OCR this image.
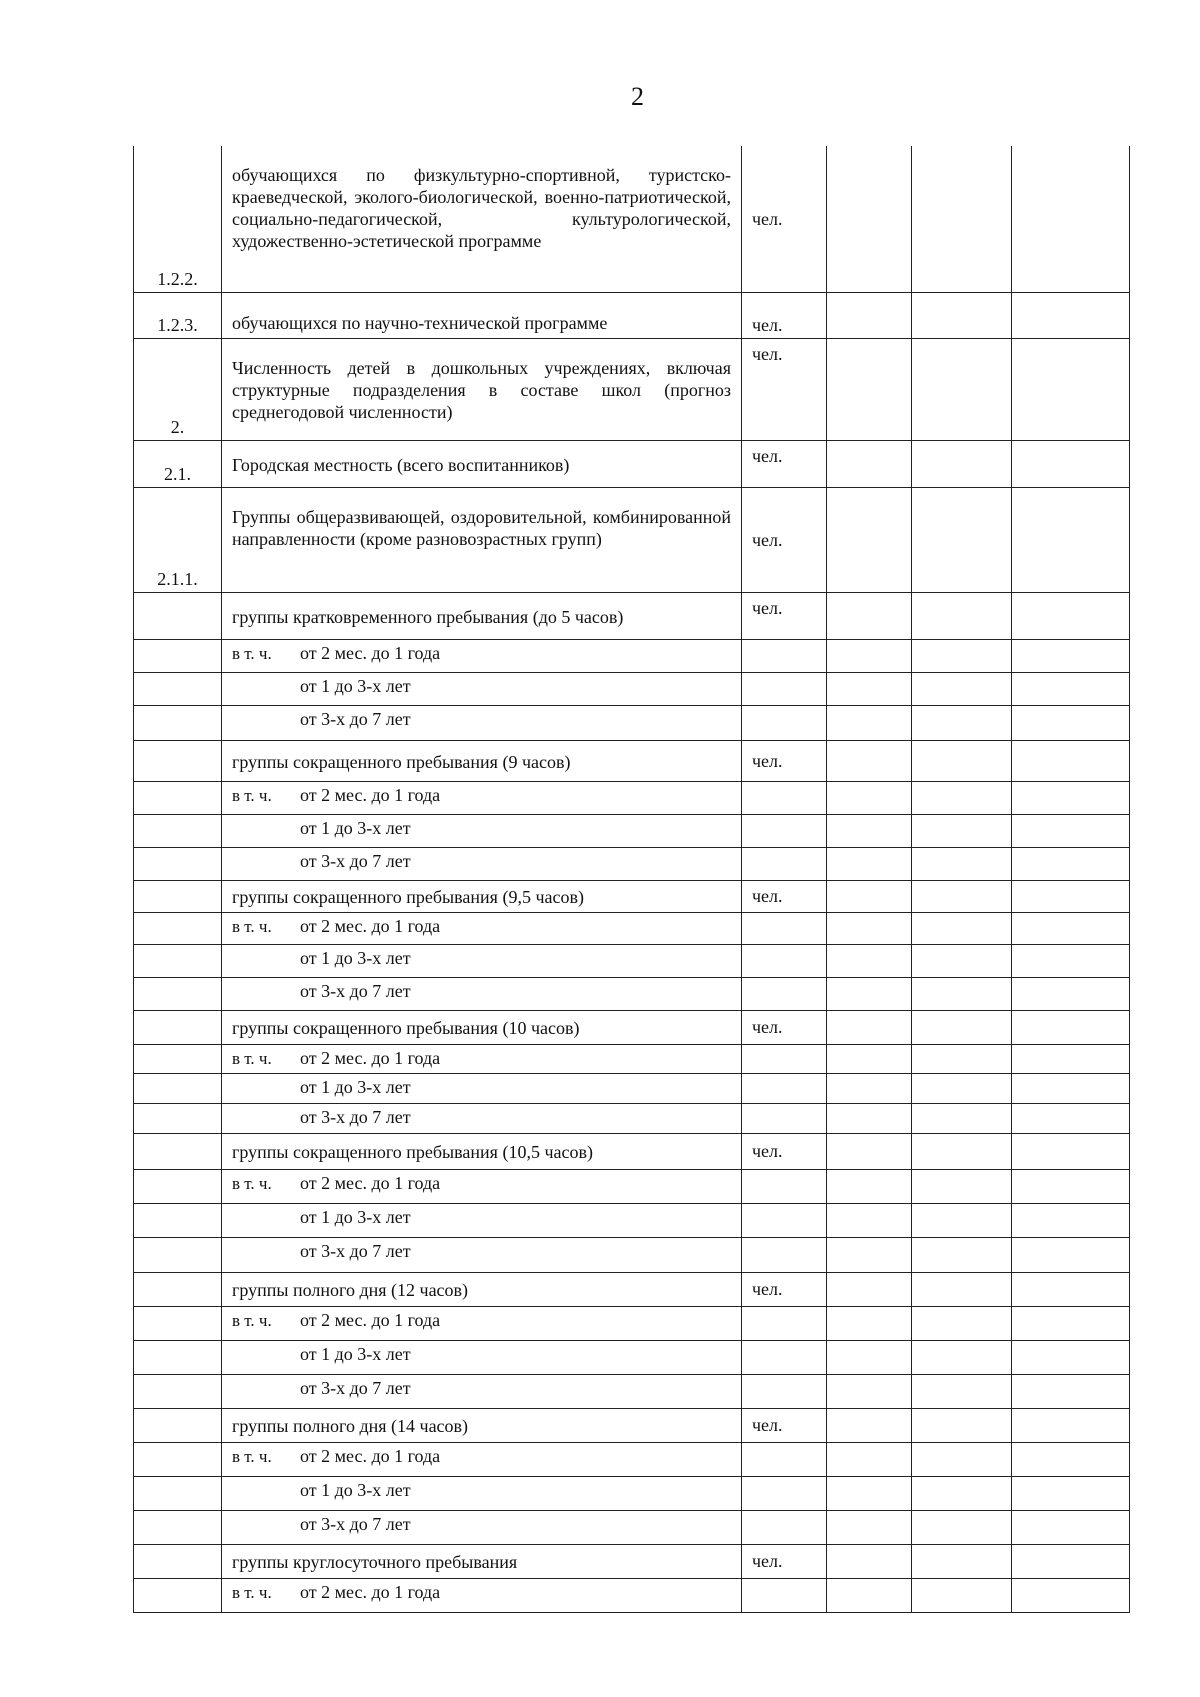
2
1.2.2.	обучающихся по физкультурно-спортивной, туристско-краеведческой, эколого-биологической, военно-патриотической, социально-педагогической, культурологической, художественно-эстетической программе	чел.			
1.2.3.	обучающихся по научно-технической программе	чел.			
2.	Численность детей в дошкольных учреждениях, включая структурные подразделения в составе школ (прогноз среднегодовой численности)	чел.			
2.1.	Городская местность (всего воспитанников)	чел.			
2.1.1.	Группы общеразвивающей, оздоровительной, комбинированной направленности (кроме разновозрастных групп)	чел.			
	группы кратковременного пребывания (до 5 часов)	чел.			
	в т. ч. от 2 мес. до 1 года				
	от 1 до 3-х лет				
	от 3-х до 7 лет				
	группы сокращенного пребывания (9 часов)	чел.			
	в т. ч. от 2 мес. до 1 года				
	от 1 до 3-х лет				
	от 3-х до 7 лет				
	группы сокращенного пребывания (9,5 часов)	чел.			
	в т. ч. от 2 мес. до 1 года				
	от 1 до 3-х лет				
	от 3-х до 7 лет				
	группы сокращенного пребывания (10 часов)	чел.			
	в т. ч. от 2 мес. до 1 года				
	от 1 до 3-х лет				
	от 3-х до 7 лет				
	группы сокращенного пребывания (10,5 часов)	чел.			
	в т. ч. от 2 мес. до 1 года				
	от 1 до 3-х лет				
	от 3-х до 7 лет				
	группы полного дня (12 часов)	чел.			
	в т. ч. от 2 мес. до 1 года				
	от 1 до 3-х лет				
	от 3-х до 7 лет				
	группы полного дня (14 часов)	чел.			
	в т. ч. от 2 мес. до 1 года				
	от 1 до 3-х лет				
	от 3-х до 7 лет				
	группы круглосуточного пребывания	чел.			
	в т. ч. от 2 мес. до 1 года				
